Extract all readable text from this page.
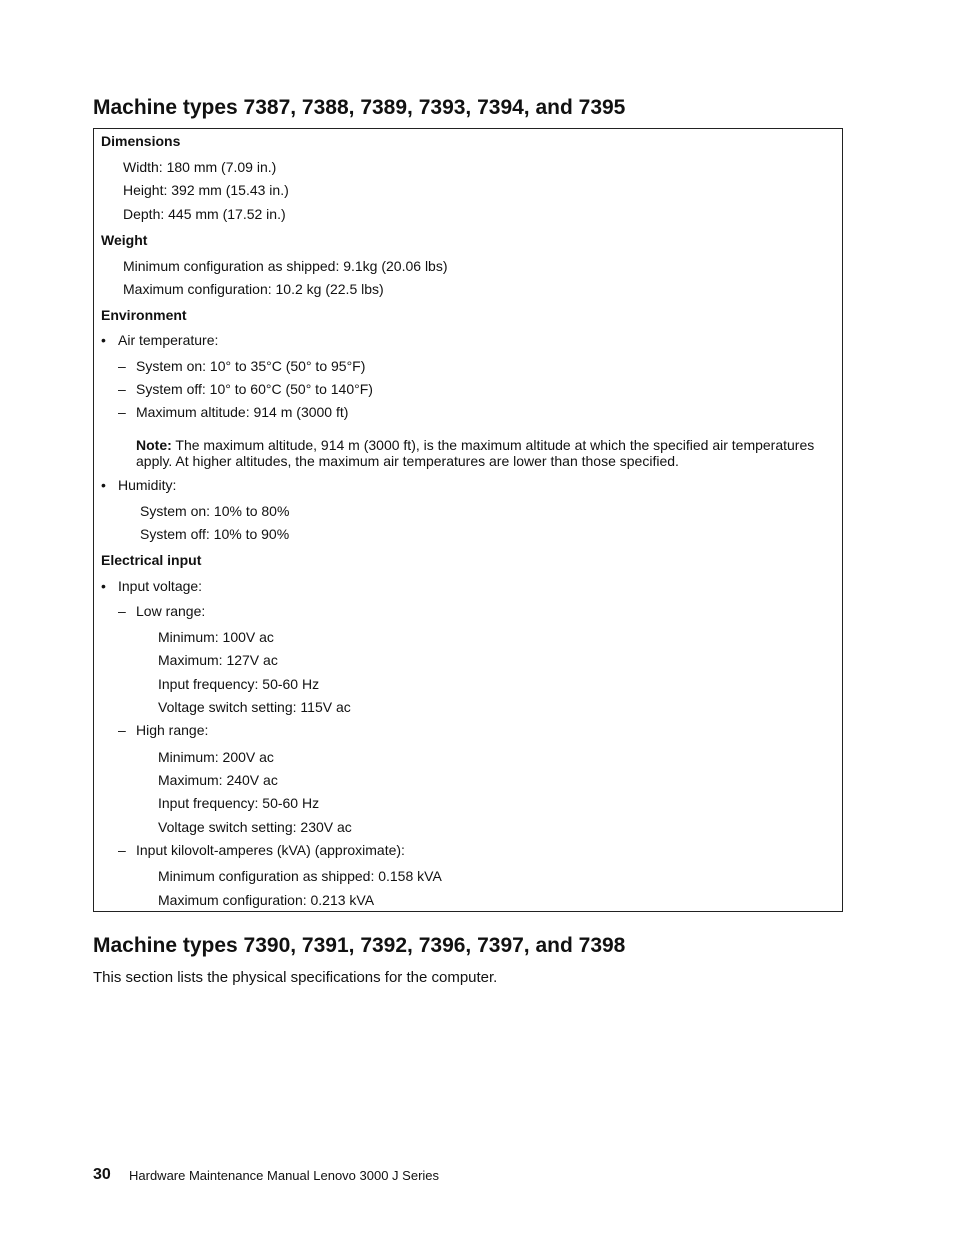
Machine types 7387, 7388, 7389, 7393, 7394, and 7395
Dimensions
Width: 180 mm (7.09 in.)
Height: 392 mm (15.43 in.)
Depth: 445 mm (17.52 in.)
Weight
Minimum configuration as shipped: 9.1kg (20.06 lbs)
Maximum configuration: 10.2 kg (22.5 lbs)
Environment
• Air temperature:
– System on: 10° to 35°C (50° to 95°F)
– System off: 10° to 60°C (50° to 140°F)
– Maximum altitude: 914 m (3000 ft)
Note: The maximum altitude, 914 m (3000 ft), is the maximum altitude at which the specified air temperatures apply. At higher altitudes, the maximum air temperatures are lower than those specified.
• Humidity:
System on: 10% to 80%
System off: 10% to 90%
Electrical input
• Input voltage:
– Low range:
Minimum: 100V ac
Maximum: 127V ac
Input frequency: 50-60 Hz
Voltage switch setting: 115V ac
– High range:
Minimum: 200V ac
Maximum: 240V ac
Input frequency: 50-60 Hz
Voltage switch setting: 230V ac
– Input kilovolt-amperes (kVA) (approximate):
Minimum configuration as shipped: 0.158 kVA
Maximum configuration: 0.213 kVA
Machine types 7390, 7391, 7392, 7396, 7397, and 7398
This section lists the physical specifications for the computer.
30 Hardware Maintenance Manual Lenovo 3000 J Series
